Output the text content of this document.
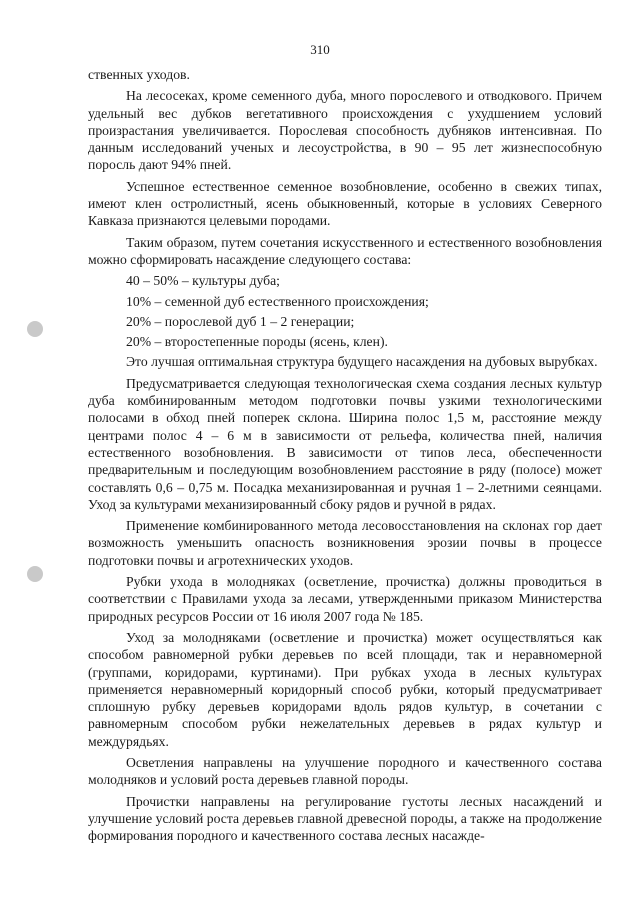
310

ственных уходов.

На лесосеках, кроме семенного дуба, много порослевого и отводкового. Причем удельный вес дубков вегетативного происхождения с ухудшением условий произрастания увеличивается. Порослевая способность дубняков интенсивная. По данным исследований ученых и лесоустройства, в 90 – 95 лет жизнеспособную поросль дают 94% пней.

Успешное естественное семенное возобновление, особенно в свежих типах, имеют клен остролистный, ясень обыкновенный, которые в условиях Северного Кавказа признаются целевыми породами.

Таким образом, путем сочетания искусственного и естественного возобновления можно сформировать насаждение следующего состава:

40 – 50% – культуры дуба;

10% – семенной дуб естественного происхождения;

20% – порослевой дуб 1 – 2 генерации;

20% – второстепенные породы (ясень, клен).

Это лучшая оптимальная структура будущего насаждения на дубовых вырубках.

Предусматривается следующая технологическая схема создания лесных культур дуба комбинированным методом подготовки почвы узкими технологическими полосами в обход пней поперек склона. Ширина полос 1,5 м, расстояние между центрами полос 4 – 6 м в зависимости от рельефа, количества пней, наличия естественного возобновления. В зависимости от типов леса, обеспеченности предварительным и последующим возобновлением расстояние в ряду (полосе) может составлять 0,6 – 0,75 м. Посадка механизированная и ручная 1 – 2-летними сеянцами. Уход за культурами механизированный сбоку рядов и ручной в рядах.

Применение комбинированного метода лесовосстановления на склонах гор дает возможность уменьшить опасность возникновения эрозии почвы в процессе подготовки почвы и агротехнических уходов.

Рубки ухода в молодняках (осветление, прочистка) должны проводиться в соответствии с Правилами ухода за лесами, утвержденными приказом Министерства природных ресурсов России от 16 июля 2007 года № 185.

Уход за молодняками (осветление и прочистка) может осуществляться как способом равномерной рубки деревьев по всей площади, так и неравномерной (группами, коридорами, куртинами). При рубках ухода в лесных культурах применяется неравномерный коридорный способ рубки, который предусматривает сплошную рубку деревьев коридорами вдоль рядов культур, в сочетании с равномерным способом рубки нежелательных деревьев в рядах культур и междурядьях.

Осветления направлены на улучшение породного и качественного состава молодняков и условий роста деревьев главной породы.

Прочистки направлены на регулирование густоты лесных насаждений и улучшение условий роста деревьев главной древесной породы, а также на продолжение формирования породного и качественного состава лесных насажде-
